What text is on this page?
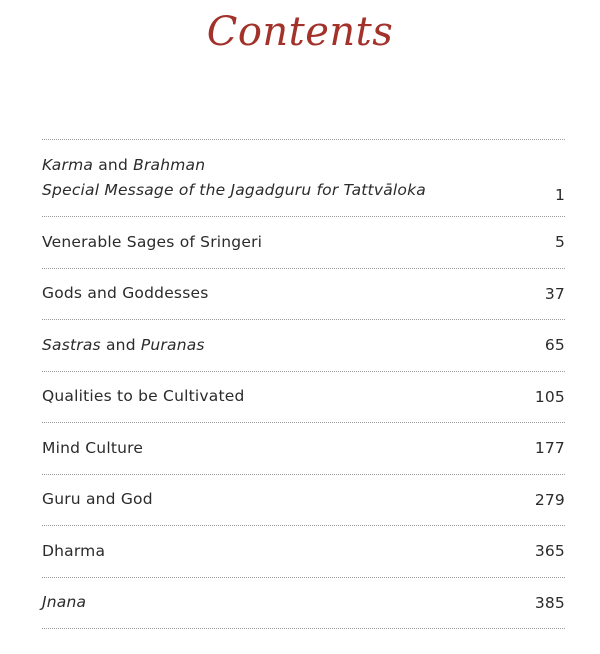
Contents
Karma and Brahman
Special Message of the Jagadguru for Tattvāloka	1
Venerable Sages of Sringeri	5
Gods and Goddesses	37
Sastras and Puranas	65
Qualities to be Cultivated	105
Mind Culture	177
Guru and God	279
Dharma	365
Jnana	385
